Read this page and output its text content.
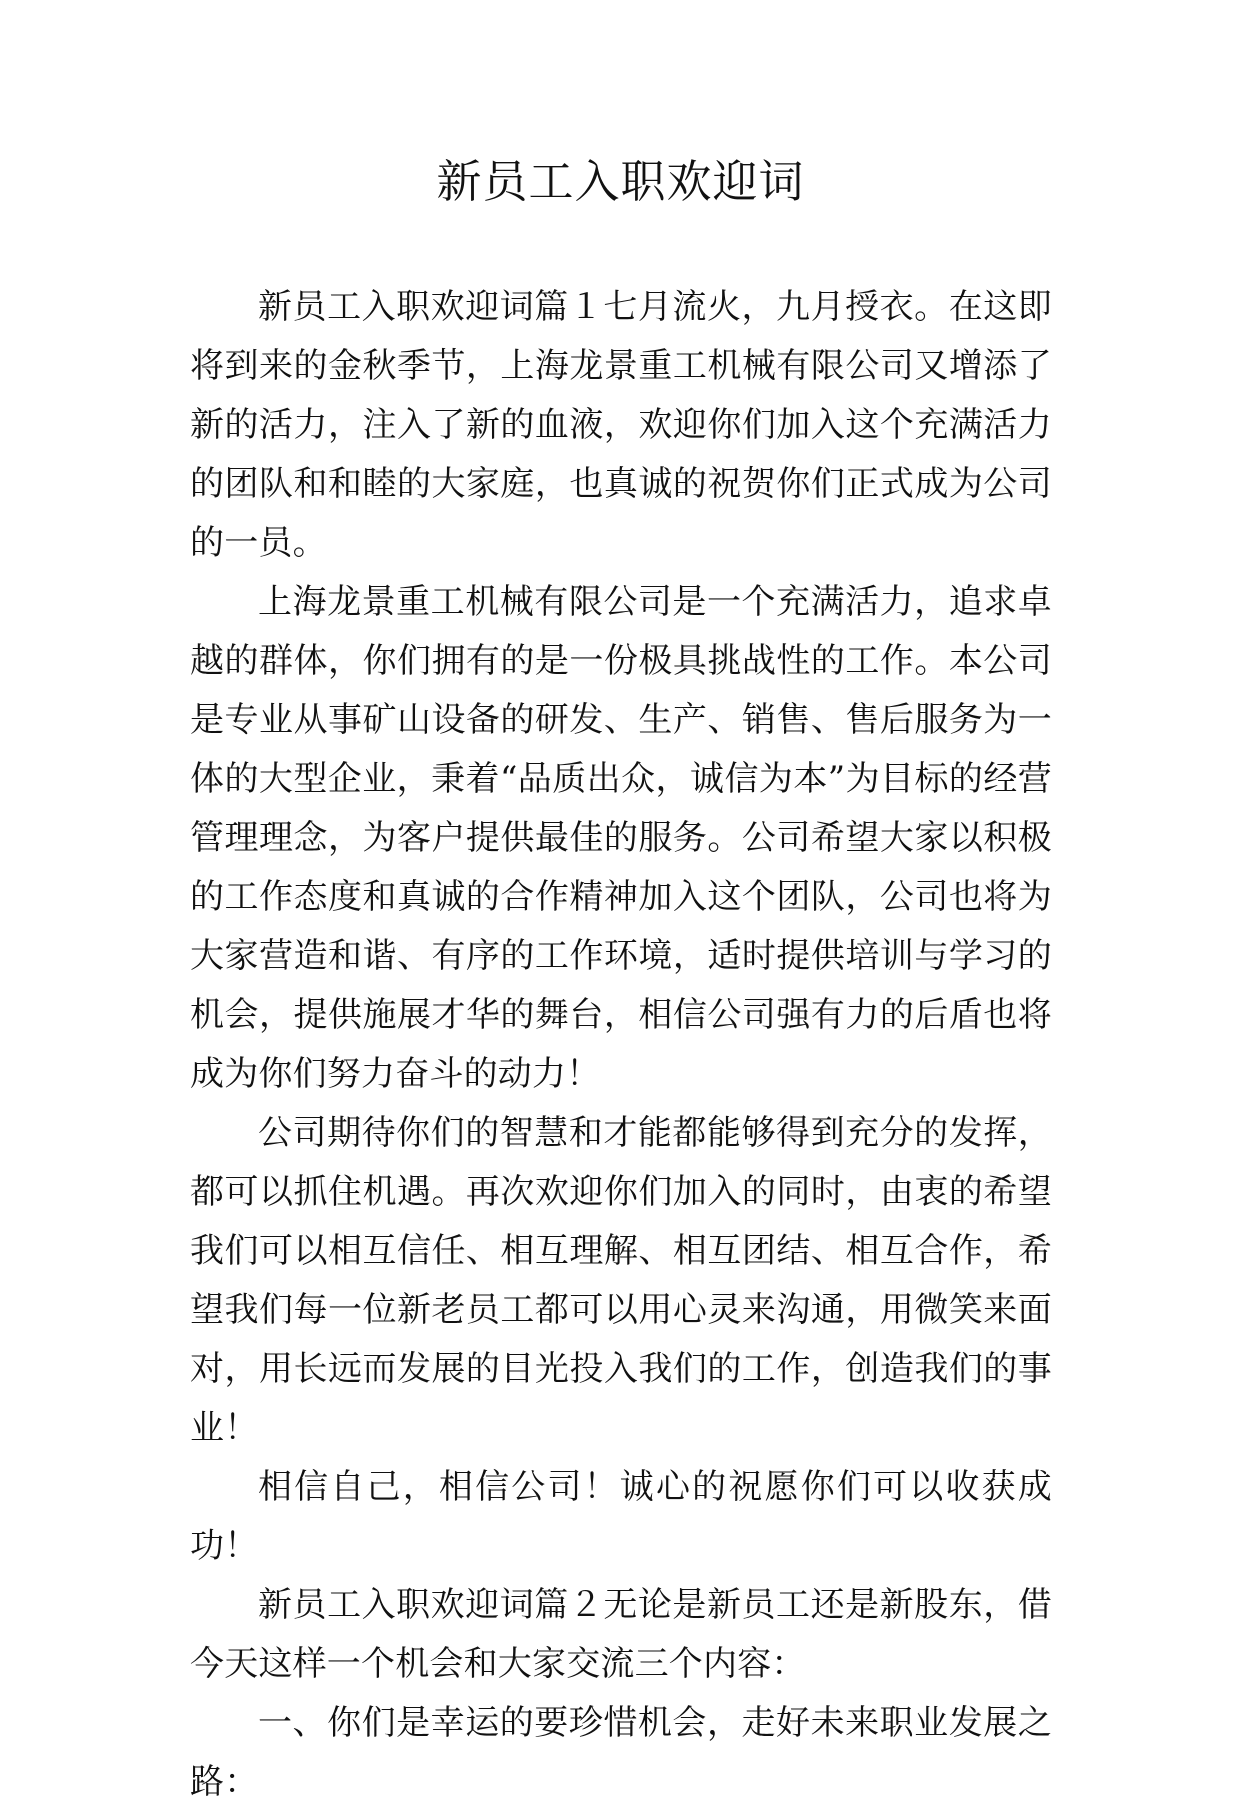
新员工入职欢迎词

新员工入职欢迎词篇１七月流火，九月授衣。在这即将到来的金秋季节，上海龙景重工机械有限公司又增添了新的活力，注入了新的血液，欢迎你们加入这个充满活力的团队和和睦的大家庭，也真诚的祝贺你们正式成为公司的一员。

上海龙景重工机械有限公司是一个充满活力，追求卓越的群体，你们拥有的是一份极具挑战性的工作。本公司是专业从事矿山设备的研发、生产、销售、售后服务为一体的大型企业，秉着“品质出众，诚信为本”为目标的经营管理理念，为客户提供最佳的服务。公司希望大家以积极的工作态度和真诚的合作精神加入这个团队，公司也将为大家营造和谐、有序的工作环境，适时提供培训与学习的机会，提供施展才华的舞台，相信公司强有力的后盾也将成为你们努力奋斗的动力！

公司期待你们的智慧和才能都能够得到充分的发挥，都可以抓住机遇。再次欢迎你们加入的同时，由衷的希望我们可以相互信任、相互理解、相互团结、相互合作，希望我们每一位新老员工都可以用心灵来沟通，用微笑来面对，用长远而发展的目光投入我们的工作，创造我们的事业！

相信自己，相信公司！诚心的祝愿你们可以收获成功！

新员工入职欢迎词篇２无论是新员工还是新股东，借今天这样一个机会和大家交流三个内容：

一、你们是幸运的要珍惜机会，走好未来职业发展之路：
